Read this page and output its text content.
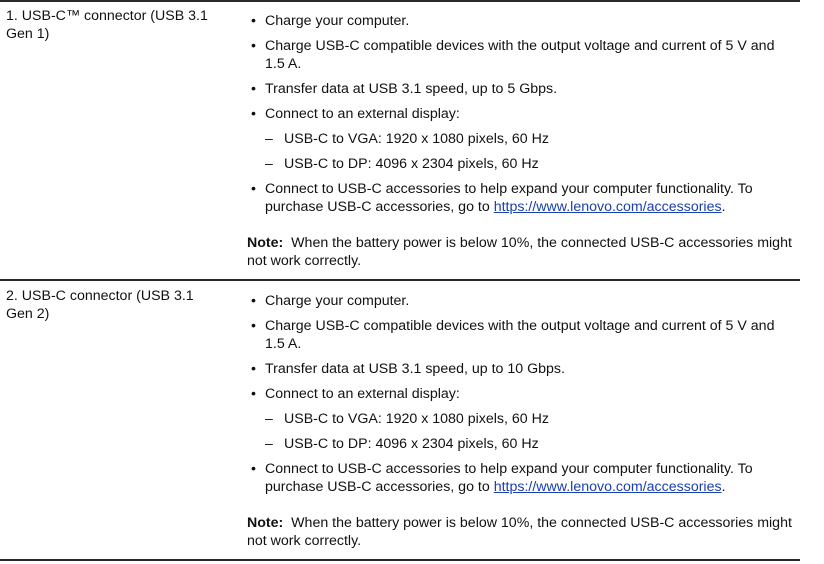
1. USB-C™ connector (USB 3.1
Gen 1)
• Charge your computer.
• Charge USB-C compatible devices with the output voltage and current of 5 V and 1.5 A.
• Transfer data at USB 3.1 speed, up to 5 Gbps.
• Connect to an external display:
– USB-C to VGA: 1920 x 1080 pixels, 60 Hz
– USB-C to DP: 4096 x 2304 pixels, 60 Hz
• Connect to USB-C accessories to help expand your computer functionality. To purchase USB-C accessories, go to https://www.lenovo.com/accessories.
Note: When the battery power is below 10%, the connected USB-C accessories might not work correctly.
2. USB-C connector (USB 3.1
Gen 2)
• Charge your computer.
• Charge USB-C compatible devices with the output voltage and current of 5 V and 1.5 A.
• Transfer data at USB 3.1 speed, up to 10 Gbps.
• Connect to an external display:
– USB-C to VGA: 1920 x 1080 pixels, 60 Hz
– USB-C to DP: 4096 x 2304 pixels, 60 Hz
• Connect to USB-C accessories to help expand your computer functionality. To purchase USB-C accessories, go to https://www.lenovo.com/accessories.
Note: When the battery power is below 10%, the connected USB-C accessories might not work correctly.
